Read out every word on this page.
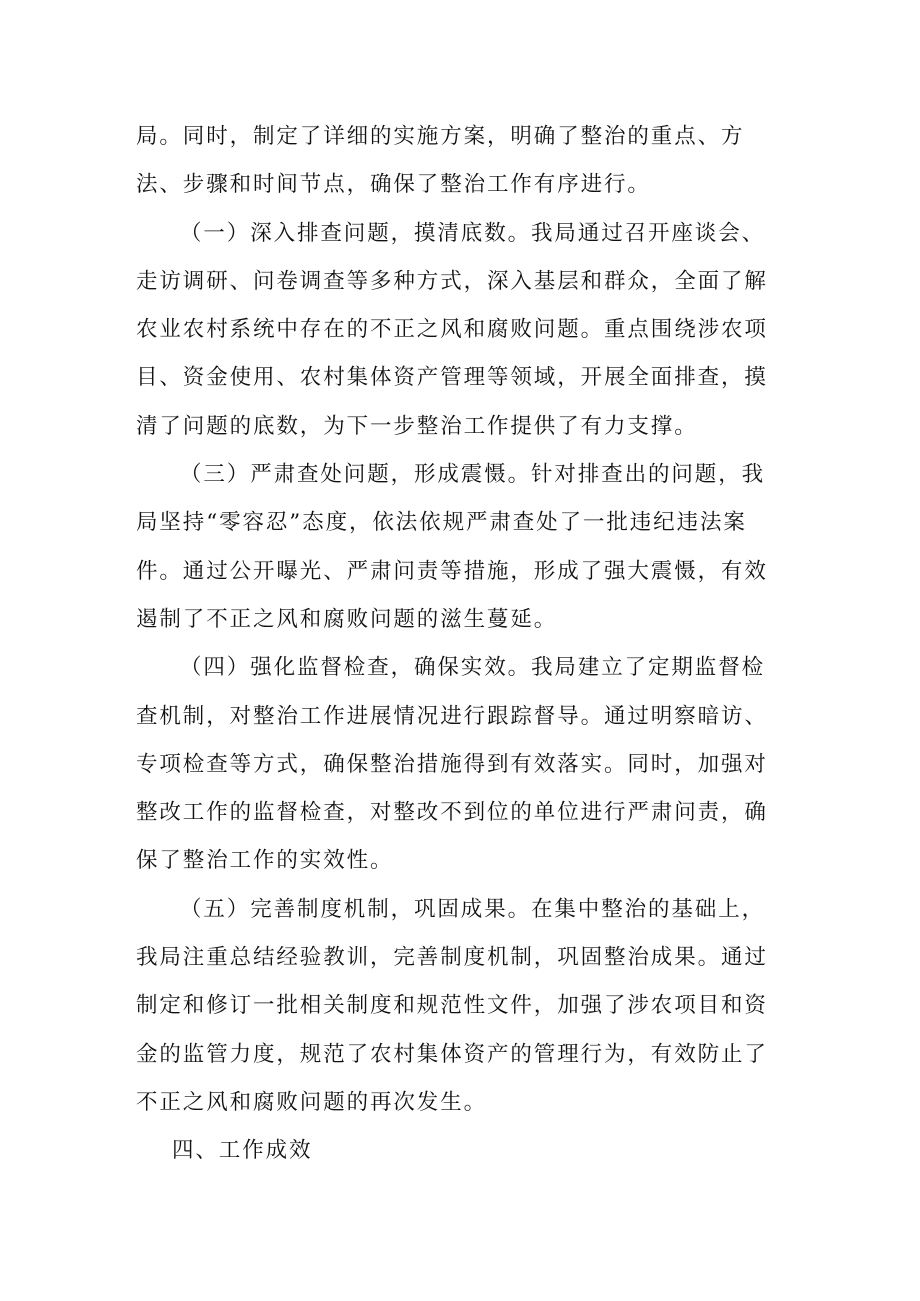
局。同时，制定了详细的实施方案，明确了整治的重点、方法、步骤和时间节点，确保了整治工作有序进行。

（一）深入排查问题，摸清底数。我局通过召开座谈会、走访调研、问卷调查等多种方式，深入基层和群众，全面了解农业农村系统中存在的不正之风和腐败问题。重点围绕涉农项目、资金使用、农村集体资产管理等领域，开展全面排查，摸清了问题的底数，为下一步整治工作提供了有力支撑。

（三）严肃查处问题，形成震慑。针对排查出的问题，我局坚持“零容忍”态度，依法依规严肃查处了一批违纪违法案件。通过公开曝光、严肃问责等措施，形成了强大震慑，有效遏制了不正之风和腐败问题的滋生蔓延。

（四）强化监督检查，确保实效。我局建立了定期监督检查机制，对整治工作进展情况进行跟踪督导。通过明察暗访、专项检查等方式，确保整治措施得到有效落实。同时，加强对整改工作的监督检查，对整改不到位的单位进行严肃问责，确保了整治工作的实效性。

（五）完善制度机制，巩固成果。在集中整治的基础上，我局注重总结经验教训，完善制度机制，巩固整治成果。通过制定和修订一批相关制度和规范性文件，加强了涉农项目和资金的监管力度，规范了农村集体资产的管理行为，有效防止了不正之风和腐败问题的再次发生。

四、工作成效
